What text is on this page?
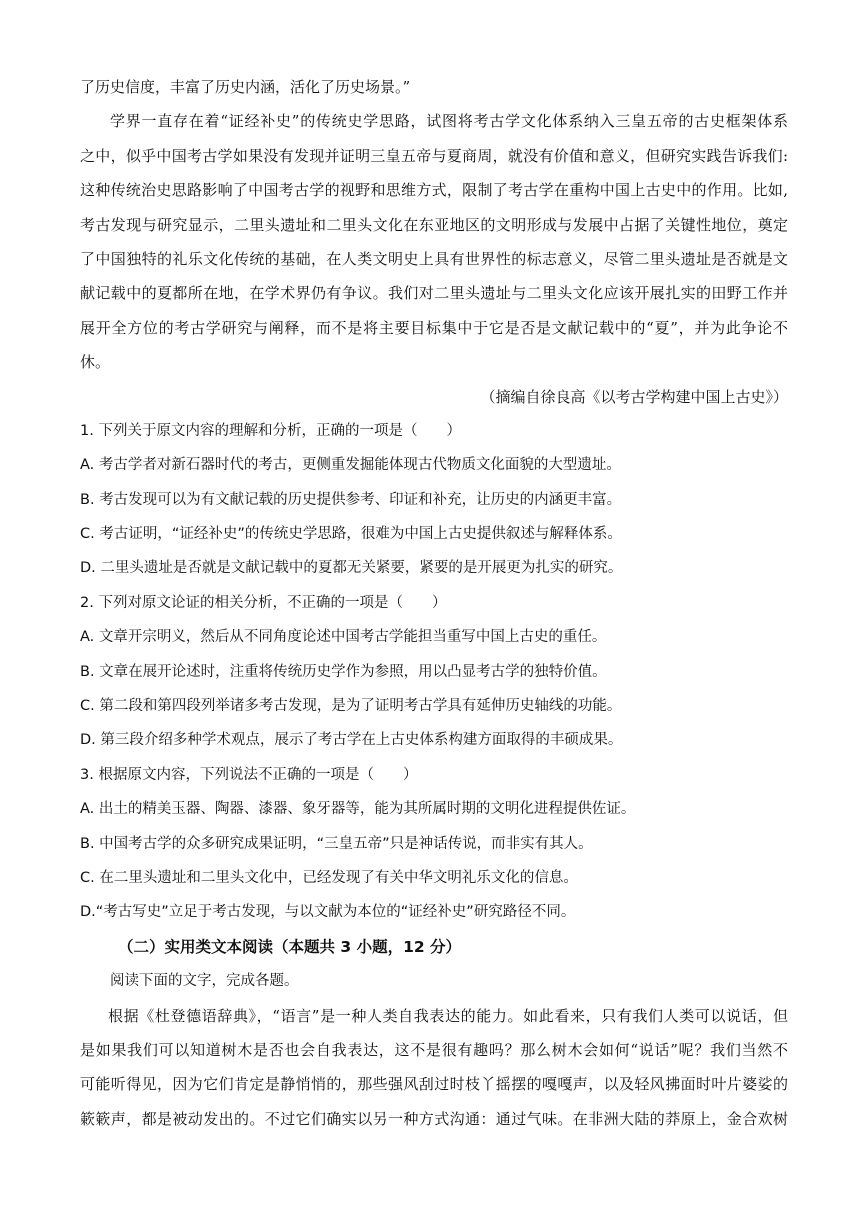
了历史信度，丰富了历史内涵，活化了历史场景。”
学界一直存在着“证经补史”的传统史学思路，试图将考古学文化体系纳入三皇五帝的古史框架体系
之中，似乎中国考古学如果没有发现并证明三皇五帝与夏商周，就没有价值和意义，但研究实践告诉我们:
这种传统治史思路影响了中国考古学的视野和思维方式，限制了考古学在重构中国上古史中的作用。比如,
考古发现与研究显示，二里头遗址和二里头文化在东亚地区的文明形成与发展中占据了关键性地位，奠定
了中国独特的礼乐文化传统的基础，在人类文明史上具有世界性的标志意义，尽管二里头遗址是否就是文
献记载中的夏都所在地，在学术界仍有争议。我们对二里头遗址与二里头文化应该开展扎实的田野工作并
展开全方位的考古学研究与阐释，而不是将主要目标集中于它是否是文献记载中的“夏”，并为此争论不
休。
（摘编自徐良高《以考古学构建中国上古史》）
1. 下列关于原文内容的理解和分析，正确的一项是（　　）
A. 考古学者对新石器时代的考古，更侧重发掘能体现古代物质文化面貌的大型遗址。
B. 考古发现可以为有文献记载的历史提供参考、印证和补充，让历史的内涵更丰富。
C. 考古证明，“证经补史”的传统史学思路，很难为中国上古史提供叙述与解释体系。
D. 二里头遗址是否就是文献记载中的夏都无关紧要，紧要的是开展更为扎实的研究。
2. 下列对原文论证的相关分析，不正确的一项是（　　）
A. 文章开宗明义，然后从不同角度论述中国考古学能担当重写中国上古史的重任。
B. 文章在展开论述时，注重将传统历史学作为参照，用以凸显考古学的独特价值。
C. 第二段和第四段列举诸多考古发现，是为了证明考古学具有延伸历史轴线的功能。
D. 第三段介绍多种学术观点，展示了考古学在上古史体系构建方面取得的丰硕成果。
3. 根据原文内容，下列说法不正确的一项是（　　）
A. 出土的精美玉器、陶器、漆器、象牙器等，能为其所属时期的文明化进程提供佐证。
B. 中国考古学的众多研究成果证明，“三皇五帝”只是神话传说，而非实有其人。
C. 在二里头遗址和二里头文化中，已经发现了有关中华文明礼乐文化的信息。
D.“考古写史”立足于考古发现，与以文献为本位的“证经补史”研究路径不同。
（二）实用类文本阅读（本题共 3 小题，12 分）
阅读下面的文字，完成各题。
根据《杜登德语辞典》，“语言”是一种人类自我表达的能力。如此看来，只有我们人类可以说话，但
是如果我们可以知道树木是否也会自我表达，这不是很有趣吗？那么树木会如何“说话”呢？我们当然不
可能听得见，因为它们肯定是静悄悄的，那些强风刮过时枝丫摇摆的嘎嘎声，以及轻风拂面时叶片婆娑的
簌簌声，都是被动发出的。不过它们确实以另一种方式沟通：通过气味。在非洲大陆的莽原上，金合欢树
